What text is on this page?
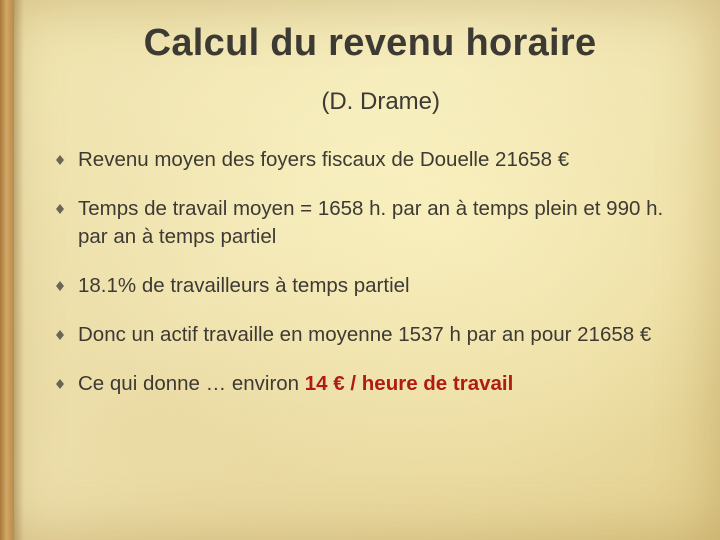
Calcul du revenu horaire
(D. Drame)
Revenu moyen des foyers fiscaux de Douelle 21658 €
Temps de travail moyen = 1658 h. par an à temps plein et 990 h. par an à temps partiel
18.1% de travailleurs à temps partiel
Donc un actif travaille en moyenne 1537 h par an pour 21658 €
Ce qui donne … environ 14 € / heure de travail
